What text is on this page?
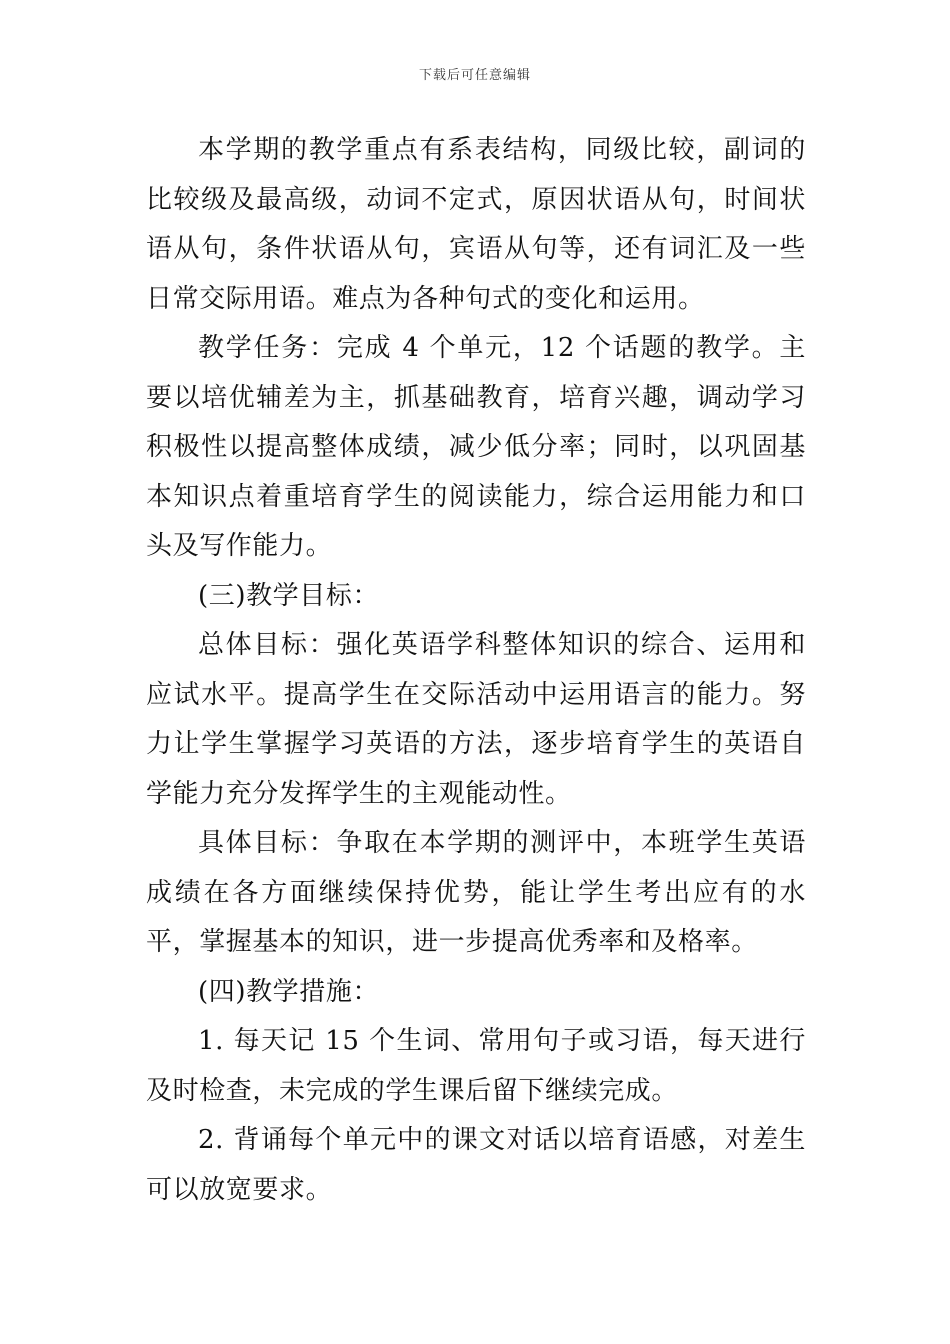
下载后可任意编辑

本学期的教学重点有系表结构，同级比较，副词的比较级及最高级，动词不定式，原因状语从句，时间状语从句，条件状语从句，宾语从句等，还有词汇及一些日常交际用语。难点为各种句式的变化和运用。

教学任务：完成 4 个单元，12 个话题的教学。主要以培优辅差为主，抓基础教育，培育兴趣，调动学习积极性以提高整体成绩，减少低分率；同时，以巩固基本知识点着重培育学生的阅读能力，综合运用能力和口头及写作能力。

(三)教学目标：

总体目标：强化英语学科整体知识的综合、运用和应试水平。提高学生在交际活动中运用语言的能力。努力让学生掌握学习英语的方法，逐步培育学生的英语自学能力充分发挥学生的主观能动性。

具体目标：争取在本学期的测评中，本班学生英语成绩在各方面继续保持优势，能让学生考出应有的水平，掌握基本的知识，进一步提高优秀率和及格率。

(四)教学措施：

1. 每天记 15 个生词、常用句子或习语，每天进行及时检查，未完成的学生课后留下继续完成。

2. 背诵每个单元中的课文对话以培育语感，对差生可以放宽要求。
